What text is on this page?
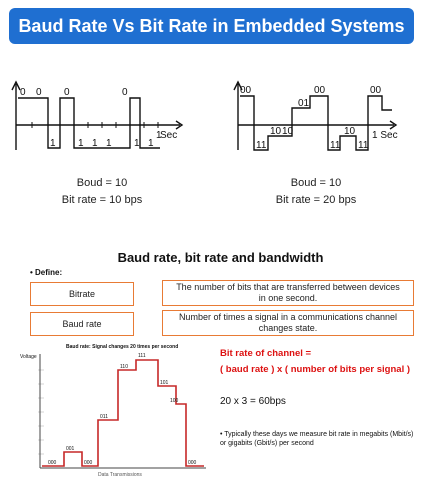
Baud Rate Vs Bit Rate in Embedded Systems
0 0 0	0
1 1 1 1 1 1
1
Sec
Boud = 10
Bit rate = 10 bps
00
01
00	00
10 10	10
11	11 11
1 Sec
Boud = 10
Bit rate = 20 bps
Baud rate, bit rate and bandwidth
• Define:
Bitrate
The number of bits that are transferred between devices in one second.
Baud rate
Number of times a signal in a communications channel changes state.
Baud rate: Signal changes 20 times per second
Voltage
000
001
000
011
110
111
101
100
000
Data Transmissions
Bit rate of channel =
( baud rate ) x ( number of bits per signal )
20 x 3 = 60bps
• Typically these days we measure bit rate in megabits (Mbit/s) or gigabits (Gbit/s) per second
